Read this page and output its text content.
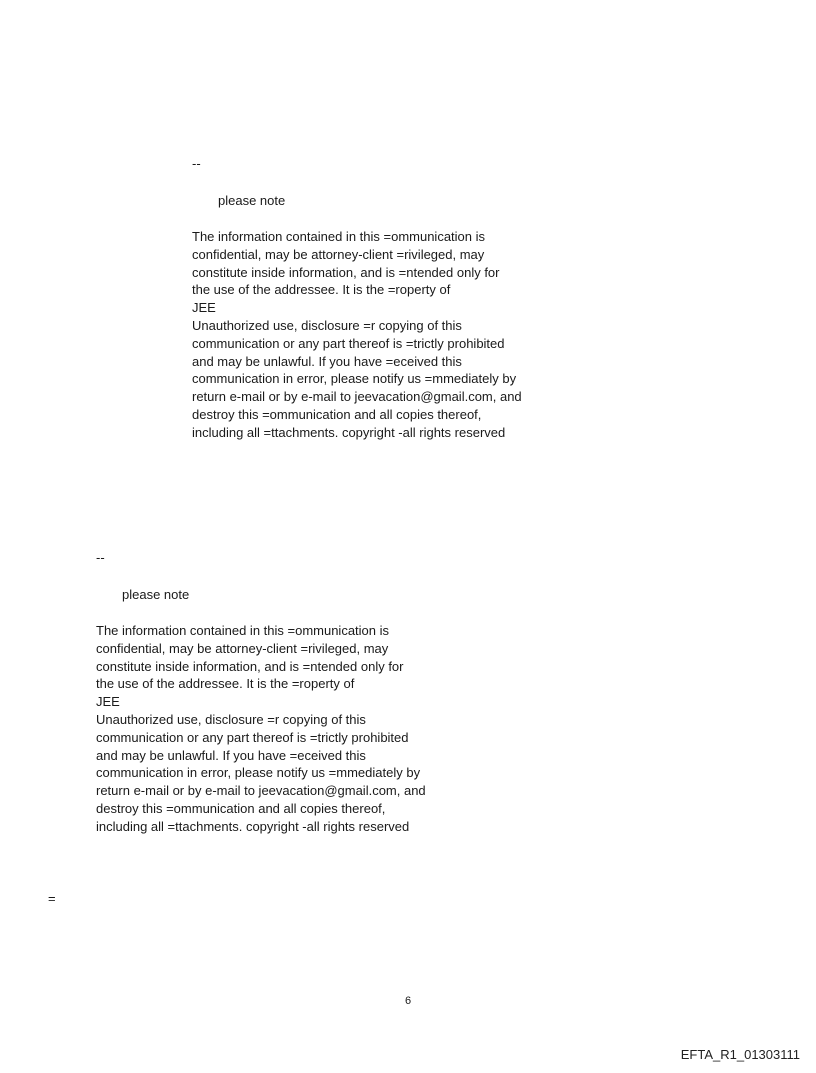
--
please note
The information contained in this =ommunication is
confidential, may be attorney-client =rivileged, may
constitute inside information, and is =ntended only for
the use of the addressee. It is the =roperty of
JEE
Unauthorized use, disclosure =r copying of this
communication or any part thereof is =trictly prohibited
and may be unlawful. If you have =eceived this
communication in error, please notify us =mmediately by
return e-mail or by e-mail to jeevacation@gmail.com, and
destroy this =ommunication and all copies thereof,
including all =ttachments. copyright -all rights reserved
--
please note
The information contained in this =ommunication is
confidential, may be attorney-client =rivileged, may
constitute inside information, and is =ntended only for
the use of the addressee. It is the =roperty of
JEE
Unauthorized use, disclosure =r copying of this
communication or any part thereof is =trictly prohibited
and may be unlawful. If you have =eceived this
communication in error, please notify us =mmediately by
return e-mail or by e-mail to jeevacation@gmail.com, and
destroy this =ommunication and all copies thereof,
including all =ttachments. copyright -all rights reserved
=
6
EFTA_R1_01303111
